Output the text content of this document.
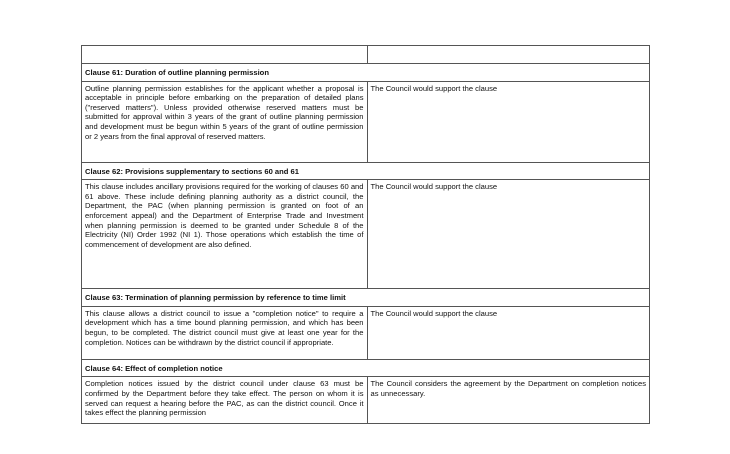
Clause 61: Duration of outline planning permission	
Outline planning permission establishes for the applicant whether a proposal is acceptable in principle before embarking on the preparation of detailed plans ("reserved matters"). Unless provided otherwise reserved matters must be submitted for approval within 3 years of the grant of outline planning permission and development must be begun within 5 years of the grant of outline permission or 2 years from the final approval of reserved matters.	The Council would support the clause
Clause 62: Provisions supplementary to sections 60 and 61	
This clause includes ancillary provisions required for the working of clauses 60 and 61 above. These include defining planning authority as a district council, the Department, the PAC (when planning permission is granted on foot of an enforcement appeal) and the Department of Enterprise Trade and Investment when planning permission is deemed to be granted under Schedule 8 of the Electricity (NI) Order 1992 (NI 1). Those operations which establish the time of commencement of development are also defined.	The Council would support the clause
Clause 63: Termination of planning permission by reference to time limit	
This clause allows a district council to issue a "completion notice" to require a development which has a time bound planning permission, and which has been begun, to be completed. The district council must give at least one year for the completion. Notices can be withdrawn by the district council if appropriate.	The Council would support the clause
Clause 64: Effect of completion notice	

Completion notices issued by the district council under clause 63 must be confirmed by the Department before they take effect. The person on whom it is served can request a hearing before the PAC, as can the district council. Once it takes effect the planning permission	The Council considers the agreement by the Department on completion notices as unnecessary.
